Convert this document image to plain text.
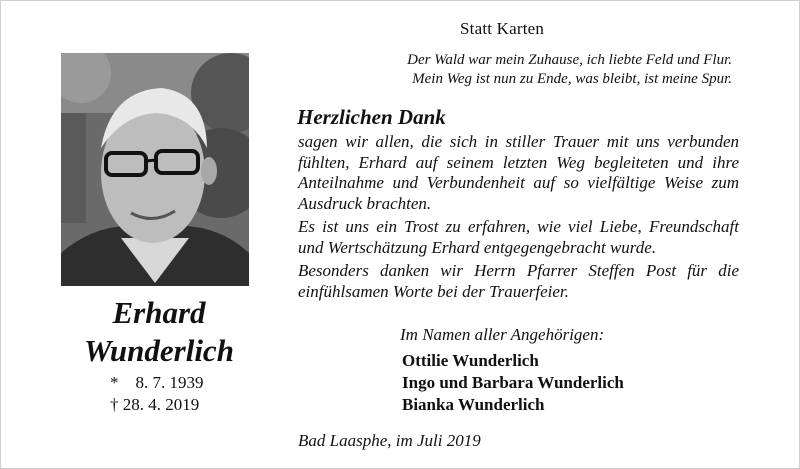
Statt Karten
Der Wald war mein Zuhause, ich liebte Feld und Flur.
Mein Weg ist nun zu Ende, was bleibt, ist meine Spur.
Erhard
Wunderlich
*    8. 7. 1939
† 28. 4. 2019
Herzlichen Dank

sagen wir allen, die sich in stiller Trauer mit uns verbunden fühlten, Erhard auf seinem letzten Weg begleiteten und ihre Anteilnahme und Verbundenheit auf so vielfältige Weise zum Ausdruck brachten.

Es ist uns ein Trost zu erfahren, wie viel Liebe, Freundschaft und Wertschätzung Erhard entgegengebracht wurde.

Besonders danken wir Herrn Pfarrer Steffen Post für die einfühlsamen Worte bei der Trauerfeier.

Im Namen aller Angehörigen:
Ottilie Wunderlich
Ingo und Barbara Wunderlich
Bianka Wunderlich
Bad Laasphe, im Juli 2019
